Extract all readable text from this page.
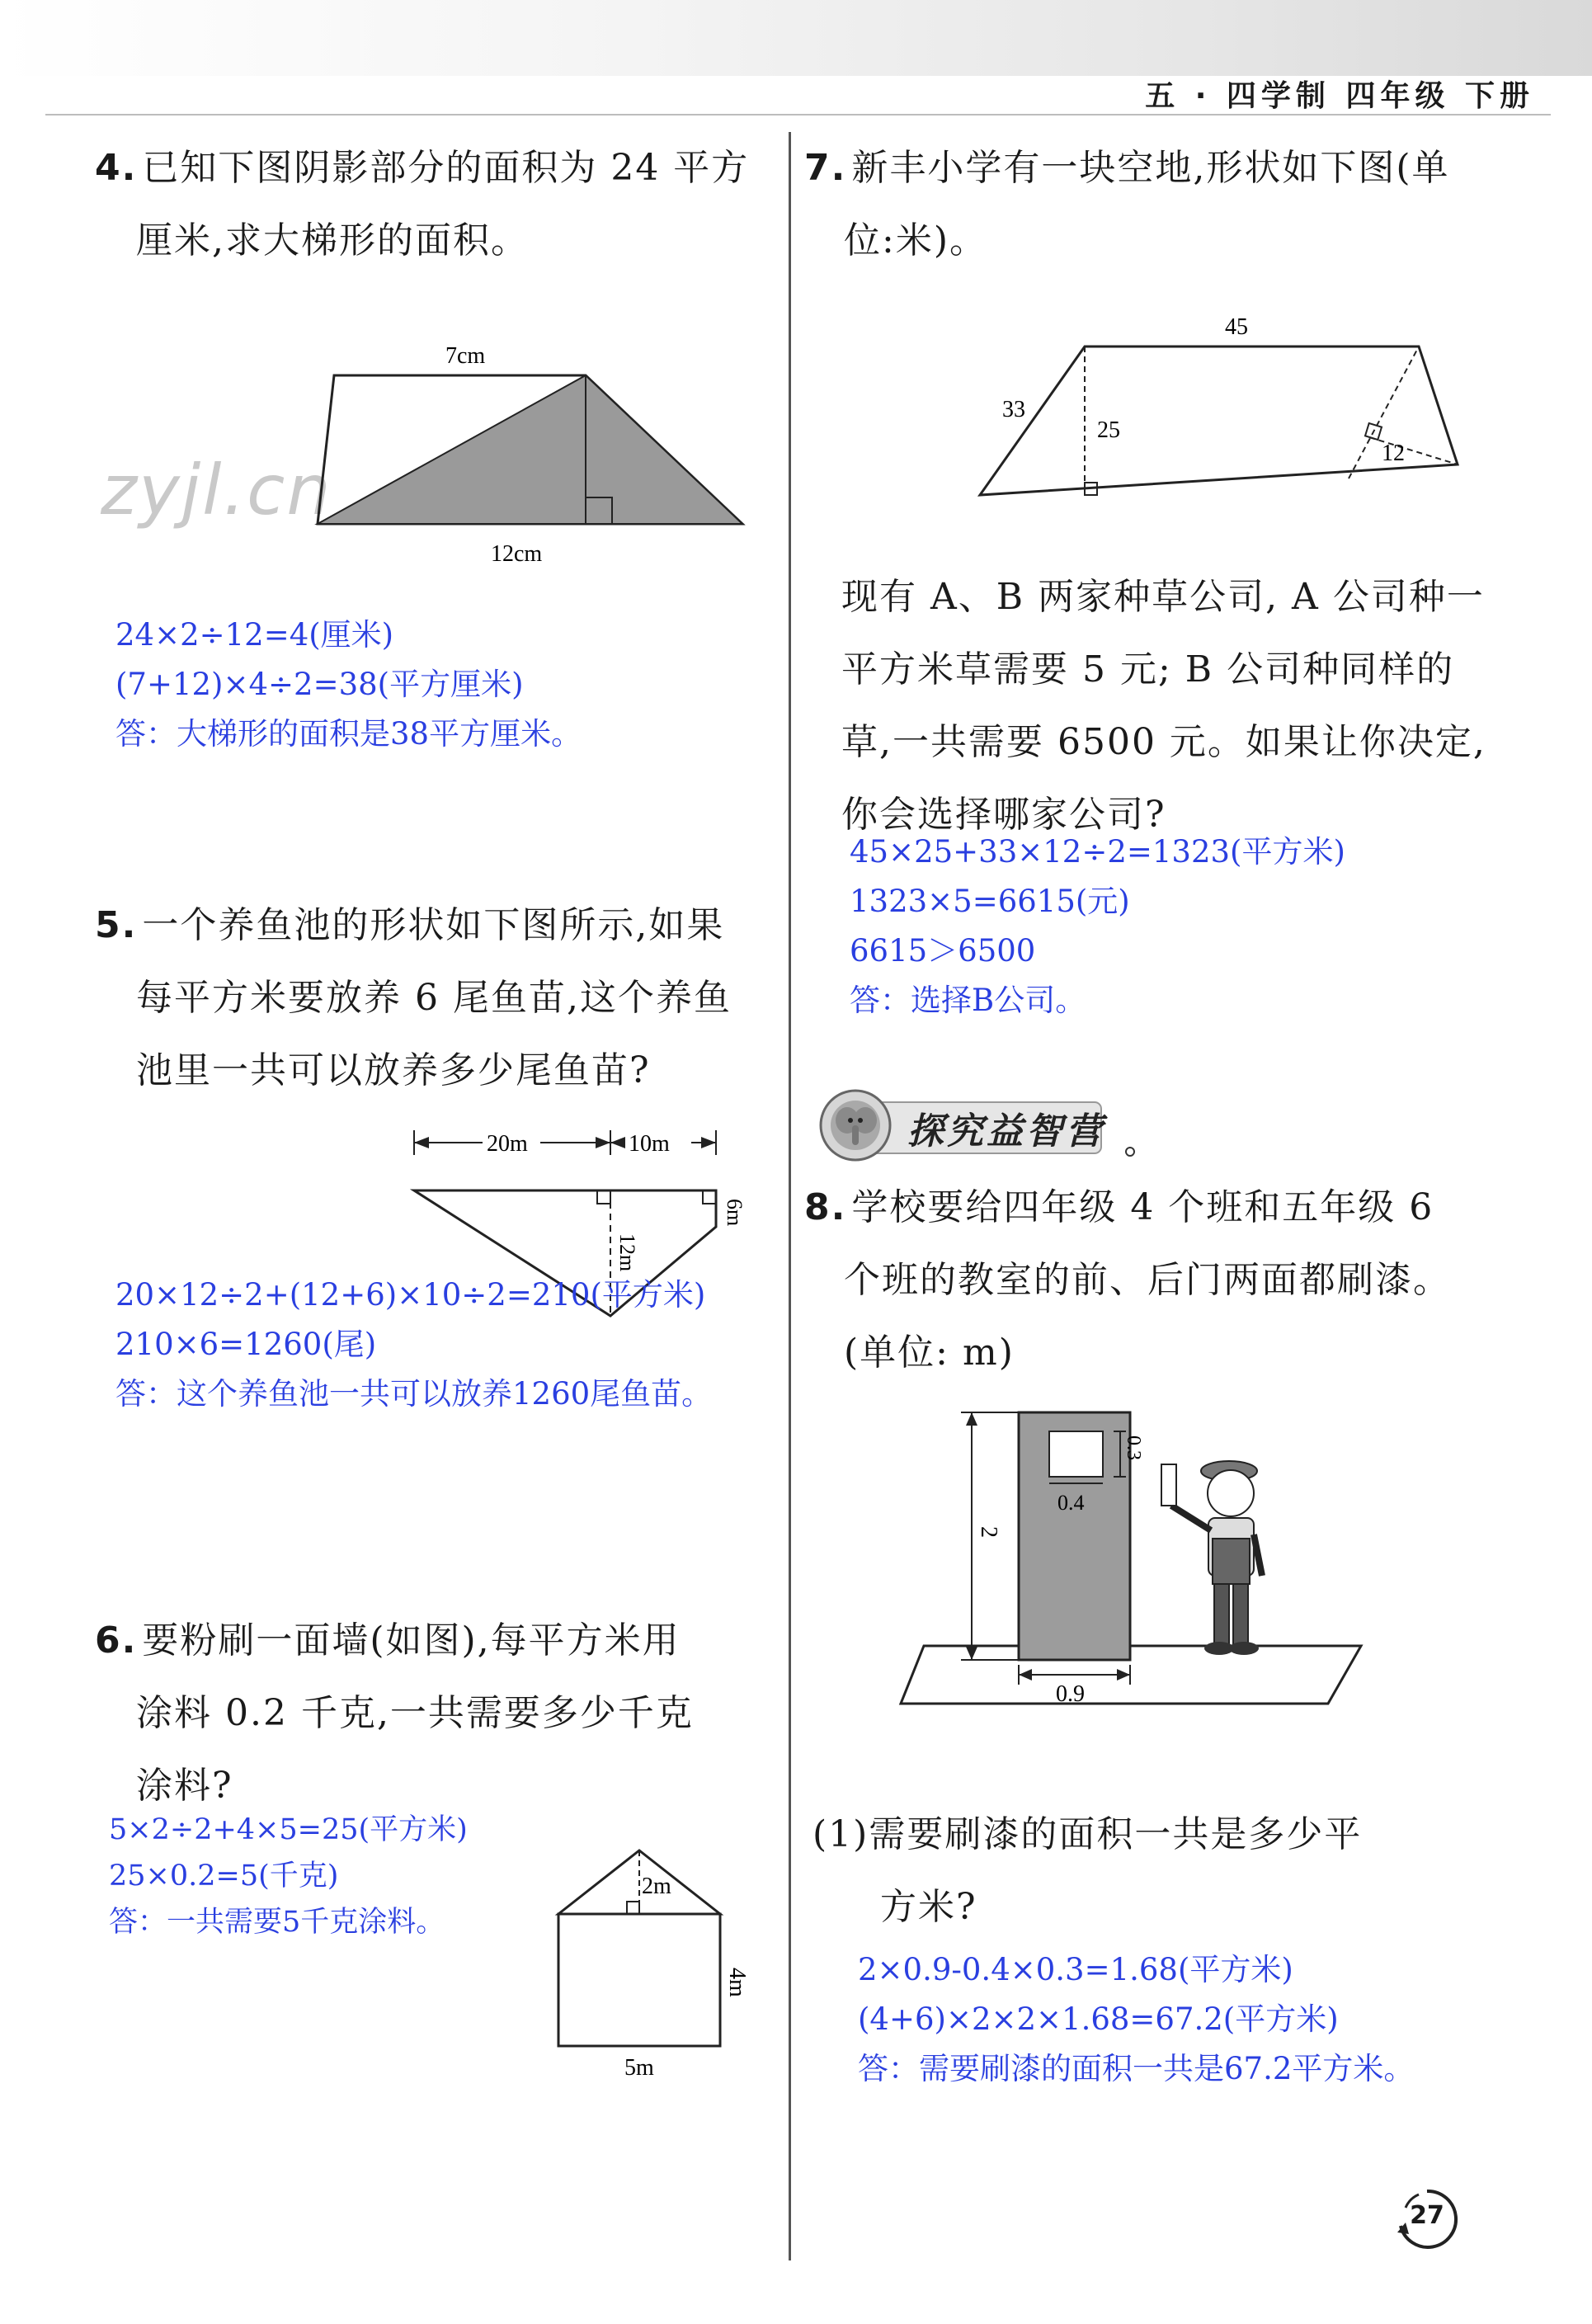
五 · 四学制 四年级 下册
zyjl.cn
4. 已知下图阴影部分的面积为 24 平方
厘米,求大梯形的面积。
7cm
12cm
24×2÷12=4(厘米)
(7+12)×4÷2=38(平方厘米)
答：大梯形的面积是38平方厘米。
5. 一个养鱼池的形状如下图所示,如果
每平方米要放养 6 尾鱼苗,这个养鱼
池里一共可以放养多少尾鱼苗?
20m	10m
12m
6m
20×12÷2+(12+6)×10÷2=210(平方米)
210×6=1260(尾)
答：这个养鱼池一共可以放养1260尾鱼苗。
6. 要粉刷一面墙(如图),每平方米用
涂料 0.2 千克,一共需要多少千克
涂料?
5×2÷2+4×5=25(平方米)
25×0.2=5(千克)
答：一共需要5千克涂料。
2m
4m
5m
7. 新丰小学有一块空地,形状如下图(单
位:米)。
45
33
25
12
现有 A、B 两家种草公司, A 公司种一
平方米草需要 5 元; B 公司种同样的
草,一共需要 6500 元。如果让你决定,
你会选择哪家公司?
45×25+33×12÷2=1323(平方米)
1323×5=6615(元)
6615＞6500
答：选择B公司。
探究益智营
8. 学校要给四年级 4 个班和五年级 6
个班的教室的前、后门两面都刷漆。
(单位: m)
2
0.3
0.4
0.9
(1)需要刷漆的面积一共是多少平
方米?
2×0.9-0.4×0.3=1.68(平方米)
(4+6)×2×2×1.68=67.2(平方米)
答：需要刷漆的面积一共是67.2平方米。
27
